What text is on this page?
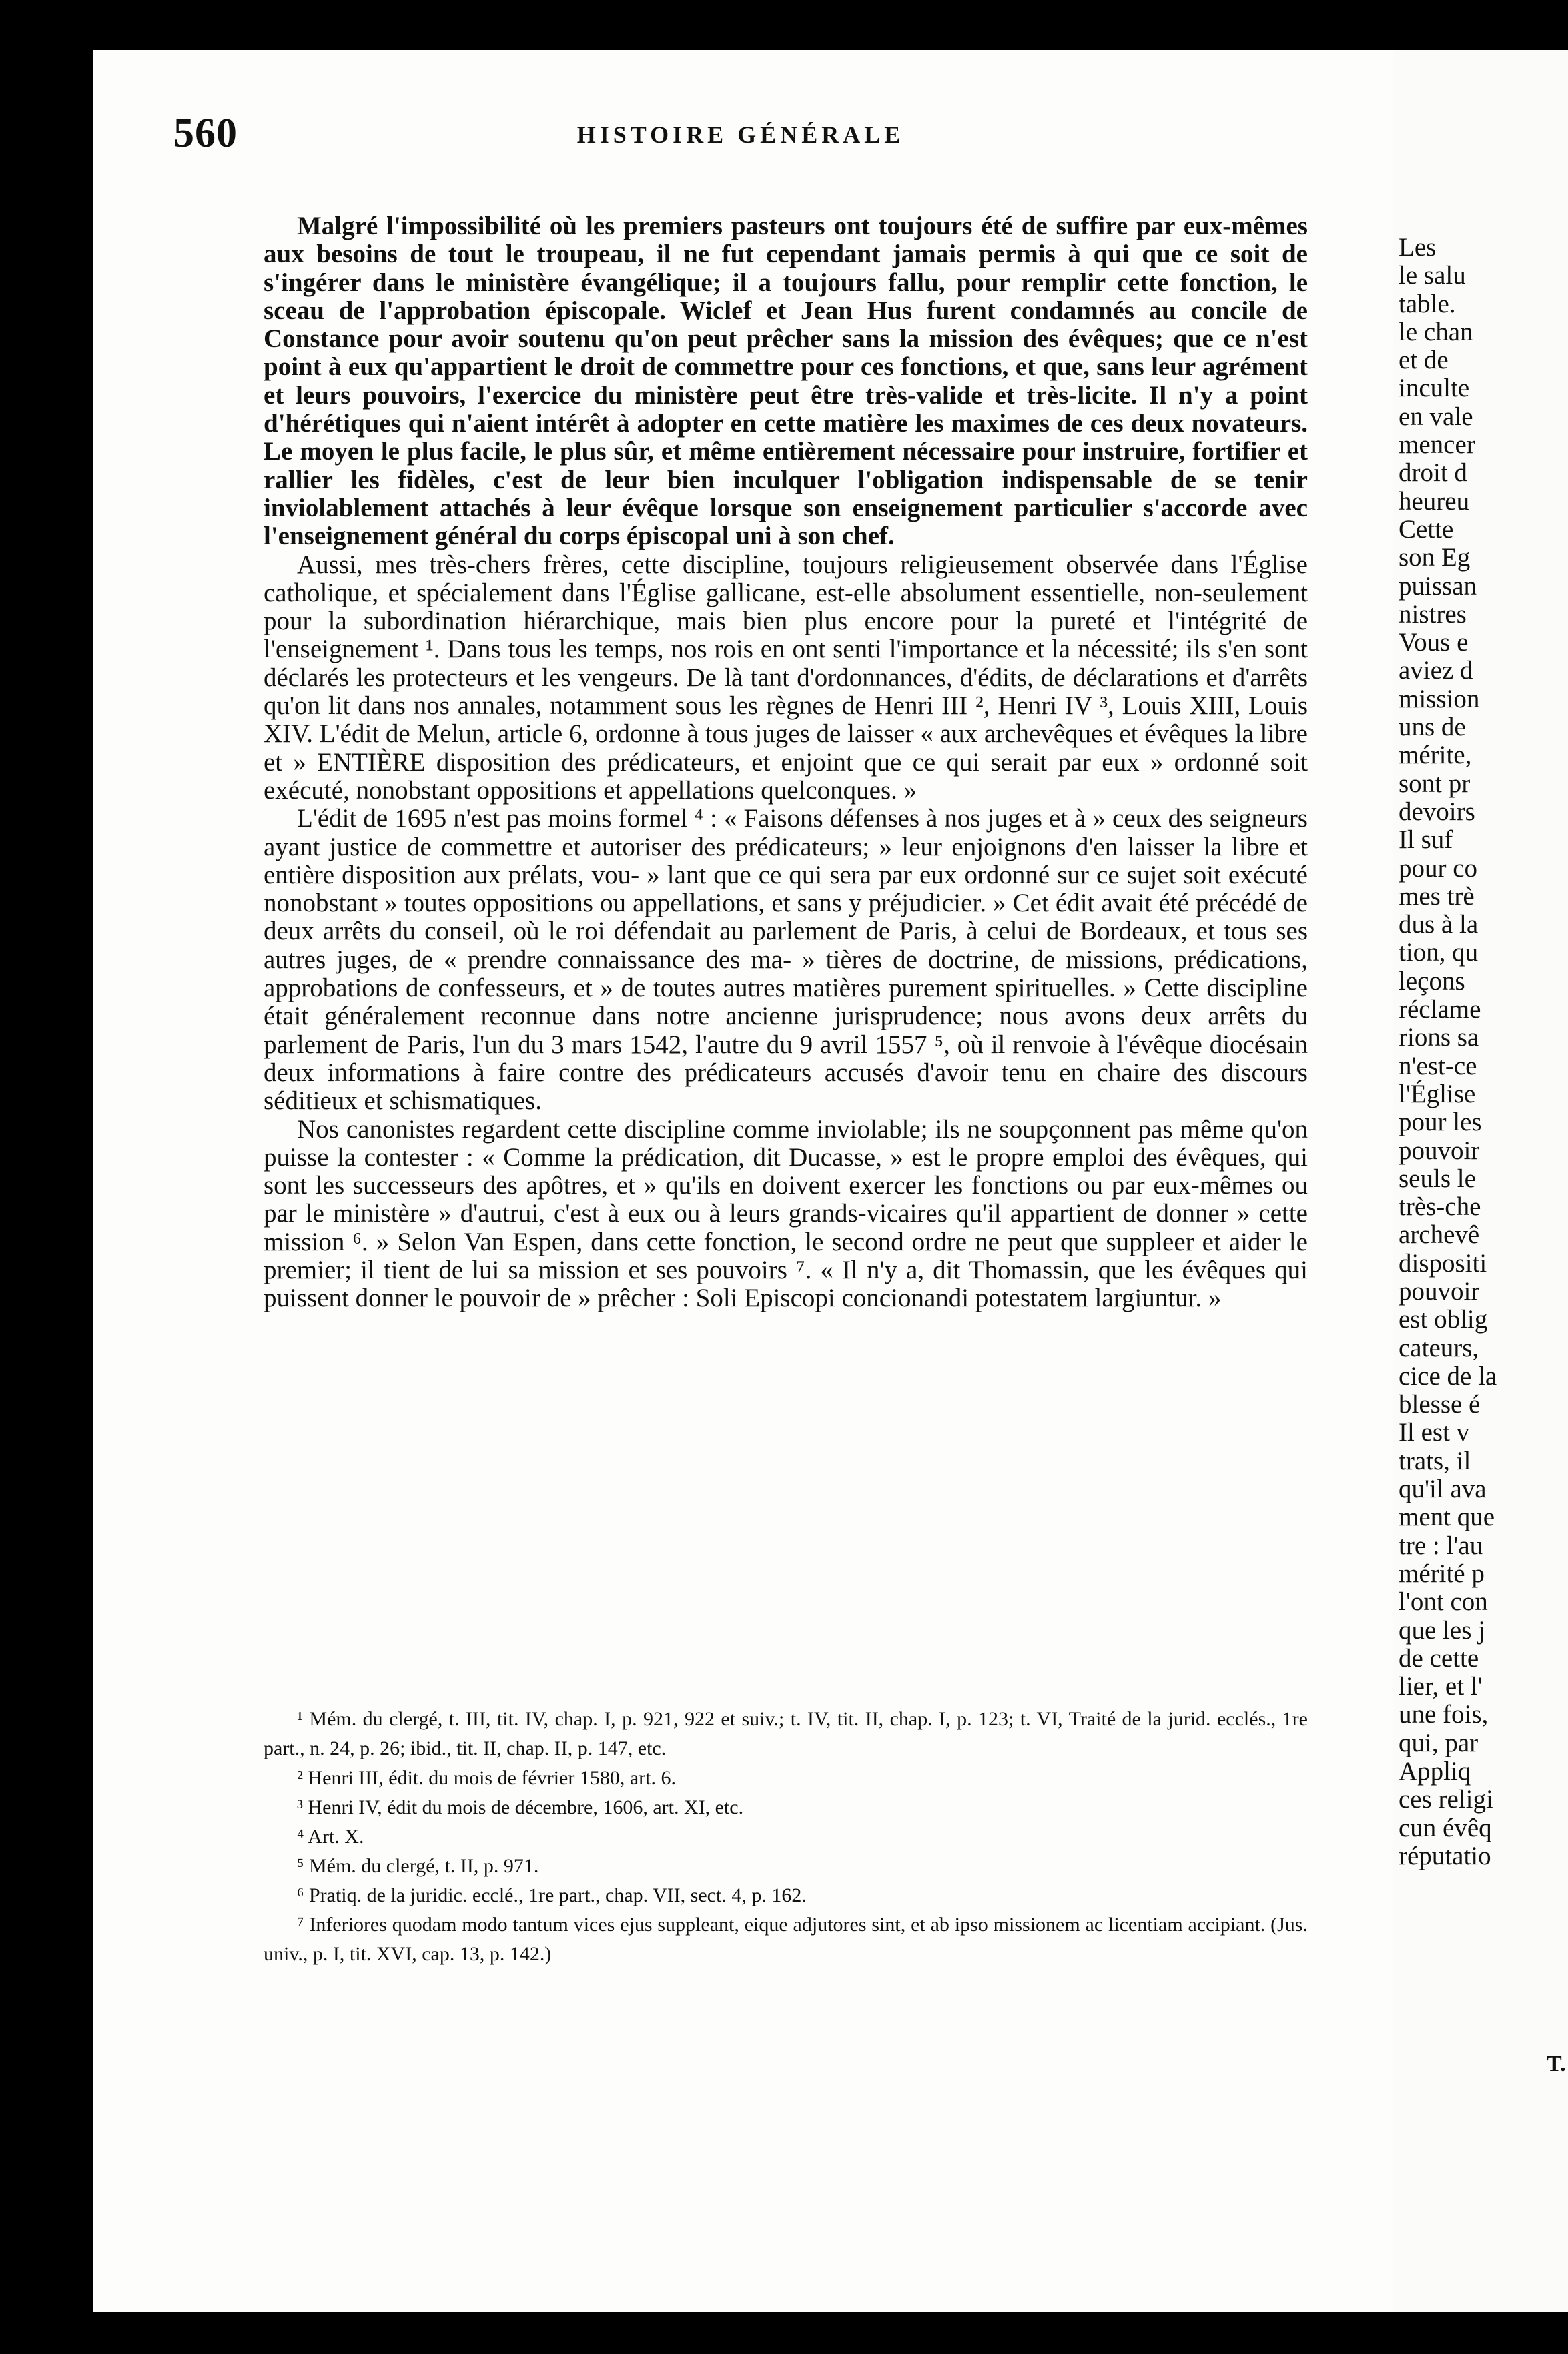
Les
le salu
table.
le chan
et de
inculte
en vale
mencer
droit d
heureu
Cette
son Eg
puissan
nistres
Vous e
aviez d
mission
uns de
mérite,
sont pr
devoirs
Il suf
pour co
mes trè
dus à la
tion, qu
leçons
réclame
rions sa
n'est-ce
l'Église
pour les
pouvoir
seuls le
très-che
archevê
dispositi
pouvoir
est oblig
cateurs,
cice de la
blesse é
Il est v
trats, il
qu'il ava
ment que
tre : l'au
mérité p
l'ont con
que les j
de cette
lier, et l'
une fois,
qui, par
Appliq
ces religi
cun évêq
réputatio
T.
560	HISTOIRE GÉNÉRALE

Malgré l'impossibilité où les premiers pasteurs ont toujours été de suffire par eux-mêmes aux besoins de tout le troupeau, il ne fut cependant jamais permis à qui que ce soit de s'ingérer dans le ministère évangélique; il a toujours fallu, pour remplir cette fonction, le sceau de l'approbation épiscopale. Wiclef et Jean Hus furent condamnés au concile de Constance pour avoir soutenu qu'on peut prêcher sans la mission des évêques; que ce n'est point à eux qu'appartient le droit de commettre pour ces fonctions, et que, sans leur agrément et leurs pouvoirs, l'exercice du ministère peut être très-valide et très-licite. Il n'y a point d'hérétiques qui n'aient intérêt à adopter en cette matière les maximes de ces deux novateurs. Le moyen le plus facile, le plus sûr, et même entièrement nécessaire pour instruire, fortifier et rallier les fidèles, c'est de leur bien inculquer l'obligation indispensable de se tenir inviolablement attachés à leur évêque lorsque son enseignement particulier s'accorde avec l'enseignement général du corps épiscopal uni à son chef.

Aussi, mes très-chers frères, cette discipline, toujours religieusement observée dans l'Église catholique, et spécialement dans l'Église gallicane, est-elle absolument essentielle, non-seulement pour la subordination hiérarchique, mais bien plus encore pour la pureté et l'intégrité de l'enseignement ¹. Dans tous les temps, nos rois en ont senti l'importance et la nécessité; ils s'en sont déclarés les protecteurs et les vengeurs. De là tant d'ordonnances, d'édits, de déclarations et d'arrêts qu'on lit dans nos annales, notamment sous les règnes de Henri III ², Henri IV ³, Louis XIII, Louis XIV. L'édit de Melun, article 6, ordonne à tous juges de laisser « aux archevêques et évêques la libre et » ENTIÈRE disposition des prédicateurs, et enjoint que ce qui serait par eux » ordonné soit exécuté, nonobstant oppositions et appellations quelconques. »

L'édit de 1695 n'est pas moins formel ⁴ : « Faisons défenses à nos juges et à » ceux des seigneurs ayant justice de commettre et autoriser des prédicateurs; » leur enjoignons d'en laisser la libre et entière disposition aux prélats, vou- » lant que ce qui sera par eux ordonné sur ce sujet soit exécuté nonobstant » toutes oppositions ou appellations, et sans y préjudicier. » Cet édit avait été précédé de deux arrêts du conseil, où le roi défendait au parlement de Paris, à celui de Bordeaux, et tous ses autres juges, de « prendre connaissance des ma- » tières de doctrine, de missions, prédications, approbations de confesseurs, et » de toutes autres matières purement spirituelles. » Cette discipline était généralement reconnue dans notre ancienne jurisprudence; nous avons deux arrêts du parlement de Paris, l'un du 3 mars 1542, l'autre du 9 avril 1557 ⁵, où il renvoie à l'évêque diocésain deux informations à faire contre des prédicateurs accusés d'avoir tenu en chaire des discours séditieux et schismatiques.

Nos canonistes regardent cette discipline comme inviolable; ils ne soupçonnent pas même qu'on puisse la contester : « Comme la prédication, dit Ducasse, » est le propre emploi des évêques, qui sont les successeurs des apôtres, et » qu'ils en doivent exercer les fonctions ou par eux-mêmes ou par le ministère » d'autrui, c'est à eux ou à leurs grands-vicaires qu'il appartient de donner » cette mission ⁶. » Selon Van Espen, dans cette fonction, le second ordre ne peut que suppleer et aider le premier; il tient de lui sa mission et ses pouvoirs ⁷. « Il n'y a, dit Thomassin, que les évêques qui puissent donner le pouvoir de » prêcher : Soli Episcopi concionandi potestatem largiuntur. »

¹ Mém. du clergé, t. III, tit. IV, chap. I, p. 921, 922 et suiv.; t. IV, tit. II, chap. I, p. 123; t. VI, Traité de la jurid. ecclés., 1re part., n. 24, p. 26; ibid., tit. II, chap. II, p. 147, etc.

² Henri III, édit. du mois de février 1580, art. 6.

³ Henri IV, édit du mois de décembre, 1606, art. XI, etc.

⁴ Art. X.

⁵ Mém. du clergé, t. II, p. 971.

⁶ Pratiq. de la juridic. ecclé., 1re part., chap. VII, sect. 4, p. 162.

⁷ Inferiores quodam modo tantum vices ejus suppleant, eique adjutores sint, et ab ipso missionem ac licentiam accipiant. (Jus. univ., p. I, tit. XVI, cap. 13, p. 142.)
